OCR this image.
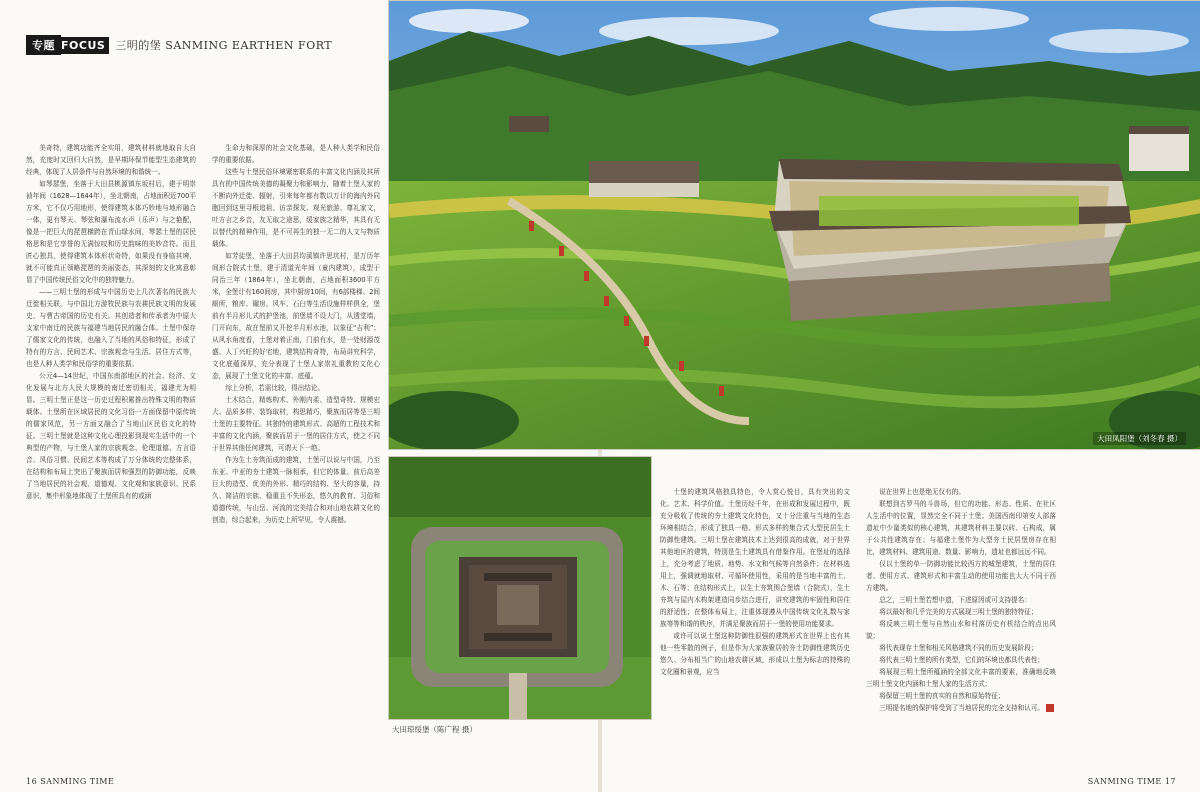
专题 FOCUS 三明的堡 SANMING EARTHEN FORT

美奇特，建筑功能齐全实用，建筑材料就地取自大自然，充度时又回归大自然，是早期环保节能型生态建筑的经典，体现了人居条件与自然环境的和谐统一。

如琴瑟堡，坐落于大田县桃源镇东坂村后，建于明崇祯年间（1628—1644年），坐北朝南，占地面积近700平方米，它不仅巧用地形，使得建筑本体巧妙地与地形融合一体，更有琴天、琴弦和瀑布流水声（乐声）与之艳配，像是一把巨大的琵琶横跨在青山绿水间，琴瑟土堡的居民格思和是它享誉的无满惊叹和历史韵味的美妙音符。而且匠心独具，使得建筑本体形状奇特，如果没有身临其境，就不可能真正领略琵琶的美丽姿态，其深刻的文化寓意彰显了中国传统民俗文化中的独特魅力。

——三明土堡的形成与中国历史上几次著名的民族大迁徙相关联，与中国北方游牧民族与农耕民族文明的发展史、与曹古帝国的历史有关。其创造者和传承者为中原大支家中南迁的民族与福建当地居民的融合体。土堡中保存了儒家文化的传统，也融入了当地的风俗和特征，形成了特有的方言、民间艺术、宗族观念与生活、居住方式等，也是人种人类学和民俗学的重要依据。

公元4—14世纪，中国东南部地区的社会、经济、文化发展与北方人民大规模的南迁密切相关，福建尤为明显。三明土堡正是这一历史过程积累推出特殊文明的物质载体。土堡所在区域居民的文化习俗一方面保留中原传统的儒家风范，另一方面又融合了当地山区民俗文化的特征。三明土堡就是这种文化心理投影到现实生活中的一个典型的产物，与土堡人家的宗族观念、伦理道德、方言语音、风俗习惯、民间艺术等构成了万分体统的完整体系，在结构和布局上突出了聚族而居和强烈的防御功能，反映了当地居民的社会观、道德观、文化观和家族意识、民系意识，集中形象地体现了土堡所具有的或涵

生命力和深厚的社会文化基础，是人种人类学和民俗学的重要依据。

这些与土堡民俗环境紧密联系的丰富文化内涵及其所具有的中国传统美德的凝聚力和影响力，随着土堡人家的不断向外迁徙、辐射，引来每年都有数以万计的海内外同胞回到这里寻根追祖、访亲探友、观光旅游、尊礼家文，吐方言之乡音，友无取之途思，缓家族之精华，其具有无以替代的精神作用，是不可再生的独一无二的人文与物质载体。

如芳徒堡，坐落于大田县均溪镇许思坑村，是万历年间形合院式土堡，建于清道光年间（童内建筑），成型于同治三年（1864年），坐北朝南，占地面积3600平方米，全堡计有160间房，其中厨房10间，有6部楼梯、2间厕所，粮库、碾房、风车、石臼等生活设施样样俱全，堡前有半月形儿式的护堡池，前堡墙不设大门，从透堂墙，门开向东，故在堡前又开挖半月形水池，以象征“吉利”；从风水角度看，土堡对着正南，门前有水，是一处财源茂盛、人丁兴旺的好宅地，建筑结构奇特，布局讲究科学，文化底蕴深厚，充分表现了土堡人家崇礼重教的文化心态，展现了土堡文化的丰富、底蕴。

综上分析，若需比较，得出结论。

土木结合，精炼构术、外刚内柔、造型奇特、规模宏大、品质多样、装饰取材，构思精巧，聚族而居等是三明土堡的主要特征。其独特的建筑形式、高超的工程技术和丰富的文化内涵，聚族而居于一堡的居住方式，使之不同于世界其他任何建筑，可谓天下一绝。

作为生土夯筑而成的建筑，土堡可以说与中国，乃至东亚、中亚的夯土建筑一脉相承，但它的体量、前后高差巨大的造型、优美的外形、精巧的结构、坚大的容量，持久、简洁的宗族、稳重且不失形态，悠久的教育、习俗和道德传统，与山岳、河流的完美结合和对山地农耕文化的创造，综合起来，为历史上所罕见，令人震撼。

大田凤阳堡（刘冬春 摄）
大田琼绥堡（陈广程 摄）

土堡的建筑风格独具特色，令人赏心悦目，具有突出的文化、艺术、科学价值。土堡历经千年，在形成和发展过程中，既充分吸收了传统的夯土建筑文化特色，又十分注重与当地的生态环境相结合，形成了独具一格、形式多样的集合式大型民居生土防御性建筑。三明土堡在建筑技术上达到很高的成就，对于世界其他地区的建筑，特别是生土建筑具有借鉴作用。在堡址的选择上，充分考虑了地质、地势、水文和气候等自然条件；在材料选用上，强调就地取材、可循环使用性，采用的是当地丰富的土、木、石等；在结构形式上，以生土夯筑围合堡墙（合院式），生土夯筑与屋内木构架建造同步结合进行，讲究建筑的牢固性和居住的舒适性；在整体布局上，注重体现遵从中国传统文化礼数与家族等等和谐的秩序，并满足聚族而居于一堡的使用功能要求。

或许可以说土堡这种防御性很强的建筑形式在世界上也有其他一些零散的例子，但是作为大家族聚居的夯土防御性建筑历史悠久、分布相当广的山地农耕区域，形成以土堡为标志的特殊的文化圈和景观，应当

说在世界上也是绝无仅有的。

联想到古罗马的斗兽场，但它的功能、形态、性质、在社区人生活中的位置，显然完全不同于土堡；美国西南印第安人部落遗址中少量类似的核心建筑，其建筑材料主要以砖、石构成，属于公共性建筑存在；与福建土堡作为大型夯土民居堡房存在相比，建筑材料、建筑用途、数量、影响力，遗址也都远远不同。

仅以土堡的单一防御功能比较西方的城堡建筑，土堡的居住者、使用方式、建筑形式和丰富生动的使用功能也大大不同于西方建筑。

总之，三明土堡若想申遗，下述原因或可支持提名：

将以最好和几乎完美的方式展现三明土堡的独特特征；

将反映三明土堡与自然山水和村落历史有机结合的点出风貌；

将代表现存土堡和相关风格建筑不同的历史发展阶段；

将代表三明土堡的所有类型，它们的环境也都具代表性；

将展现三明土堡所蕴涵的全部文化丰富的要素，准确地反映三明土堡文化内涵和土堡人家的生活方式；

将保留三明土堡的真实的自然和原始特征；

三明提名地的保护将受到了当地居民的完全支持和认可。

16 SANMING TIME	SANMING TIME 17
